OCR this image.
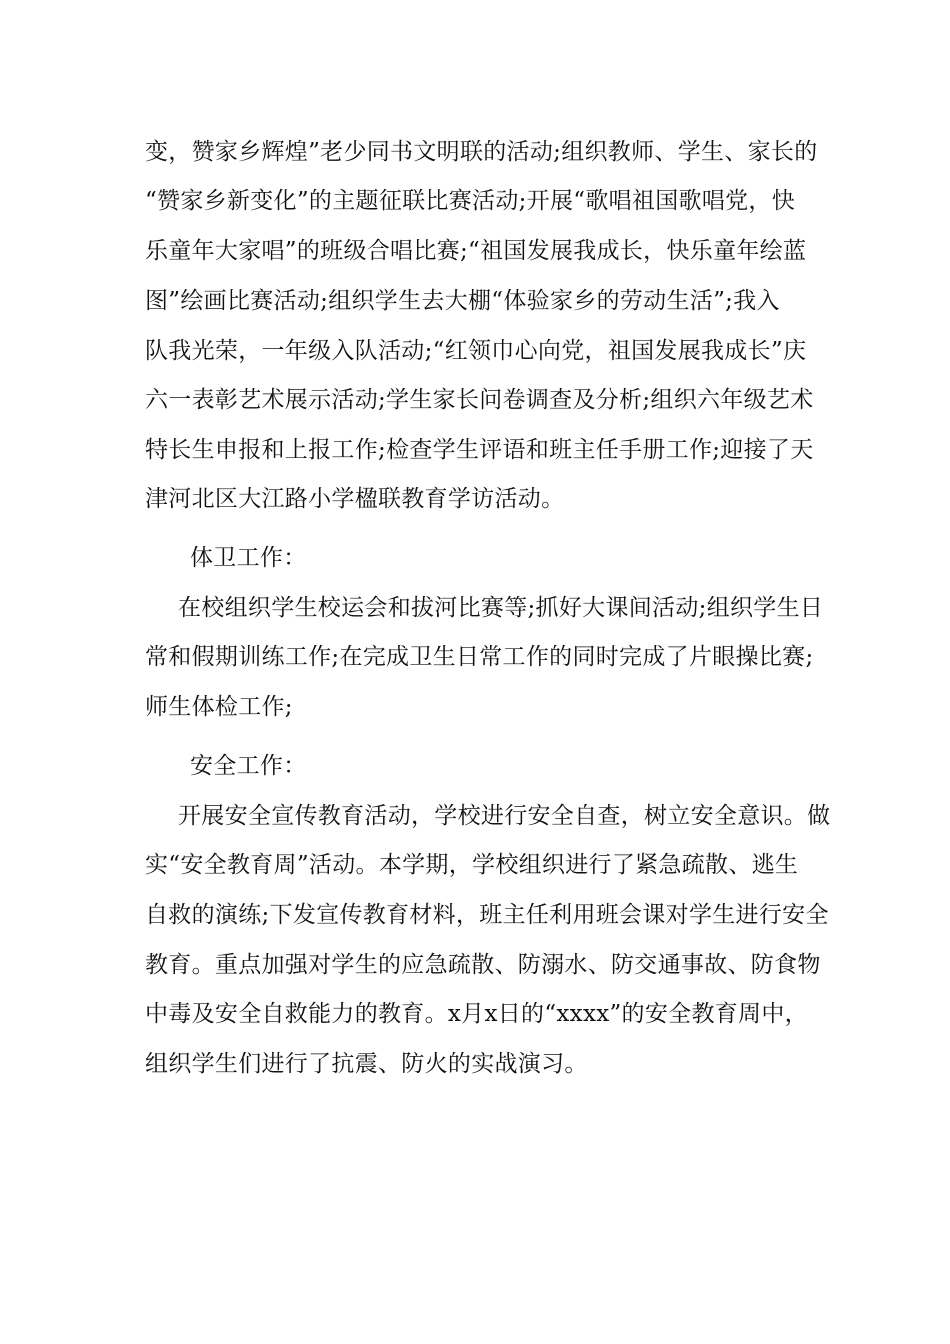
变，赞家乡辉煌”老少同书文明联的活动;组织教师、学生、家长的
“赞家乡新变化”的主题征联比赛活动;开展“歌唱祖国歌唱党，快
乐童年大家唱”的班级合唱比赛;“祖国发展我成长，快乐童年绘蓝
图”绘画比赛活动;组织学生去大棚“体验家乡的劳动生活”;我入
队我光荣，一年级入队活动;“红领巾心向党，祖国发展我成长”庆
六一表彰艺术展示活动;学生家长问卷调查及分析;组织六年级艺术
特长生申报和上报工作;检查学生评语和班主任手册工作;迎接了天
津河北区大江路小学楹联教育学访活动。
体卫工作：
在校组织学生校运会和拔河比赛等;抓好大课间活动;组织学生日
常和假期训练工作;在完成卫生日常工作的同时完成了片眼操比赛;
师生体检工作;
安全工作：
开展安全宣传教育活动，学校进行安全自查，树立安全意识。做
实“安全教育周”活动。本学期，学校组织进行了紧急疏散、逃生
自救的演练;下发宣传教育材料，班主任利用班会课对学生进行安全
教育。重点加强对学生的应急疏散、防溺水、防交通事故、防食物
中毒及安全自救能力的教育。x月x日的“xxxx”的安全教育周中，
组织学生们进行了抗震、防火的实战演习。
